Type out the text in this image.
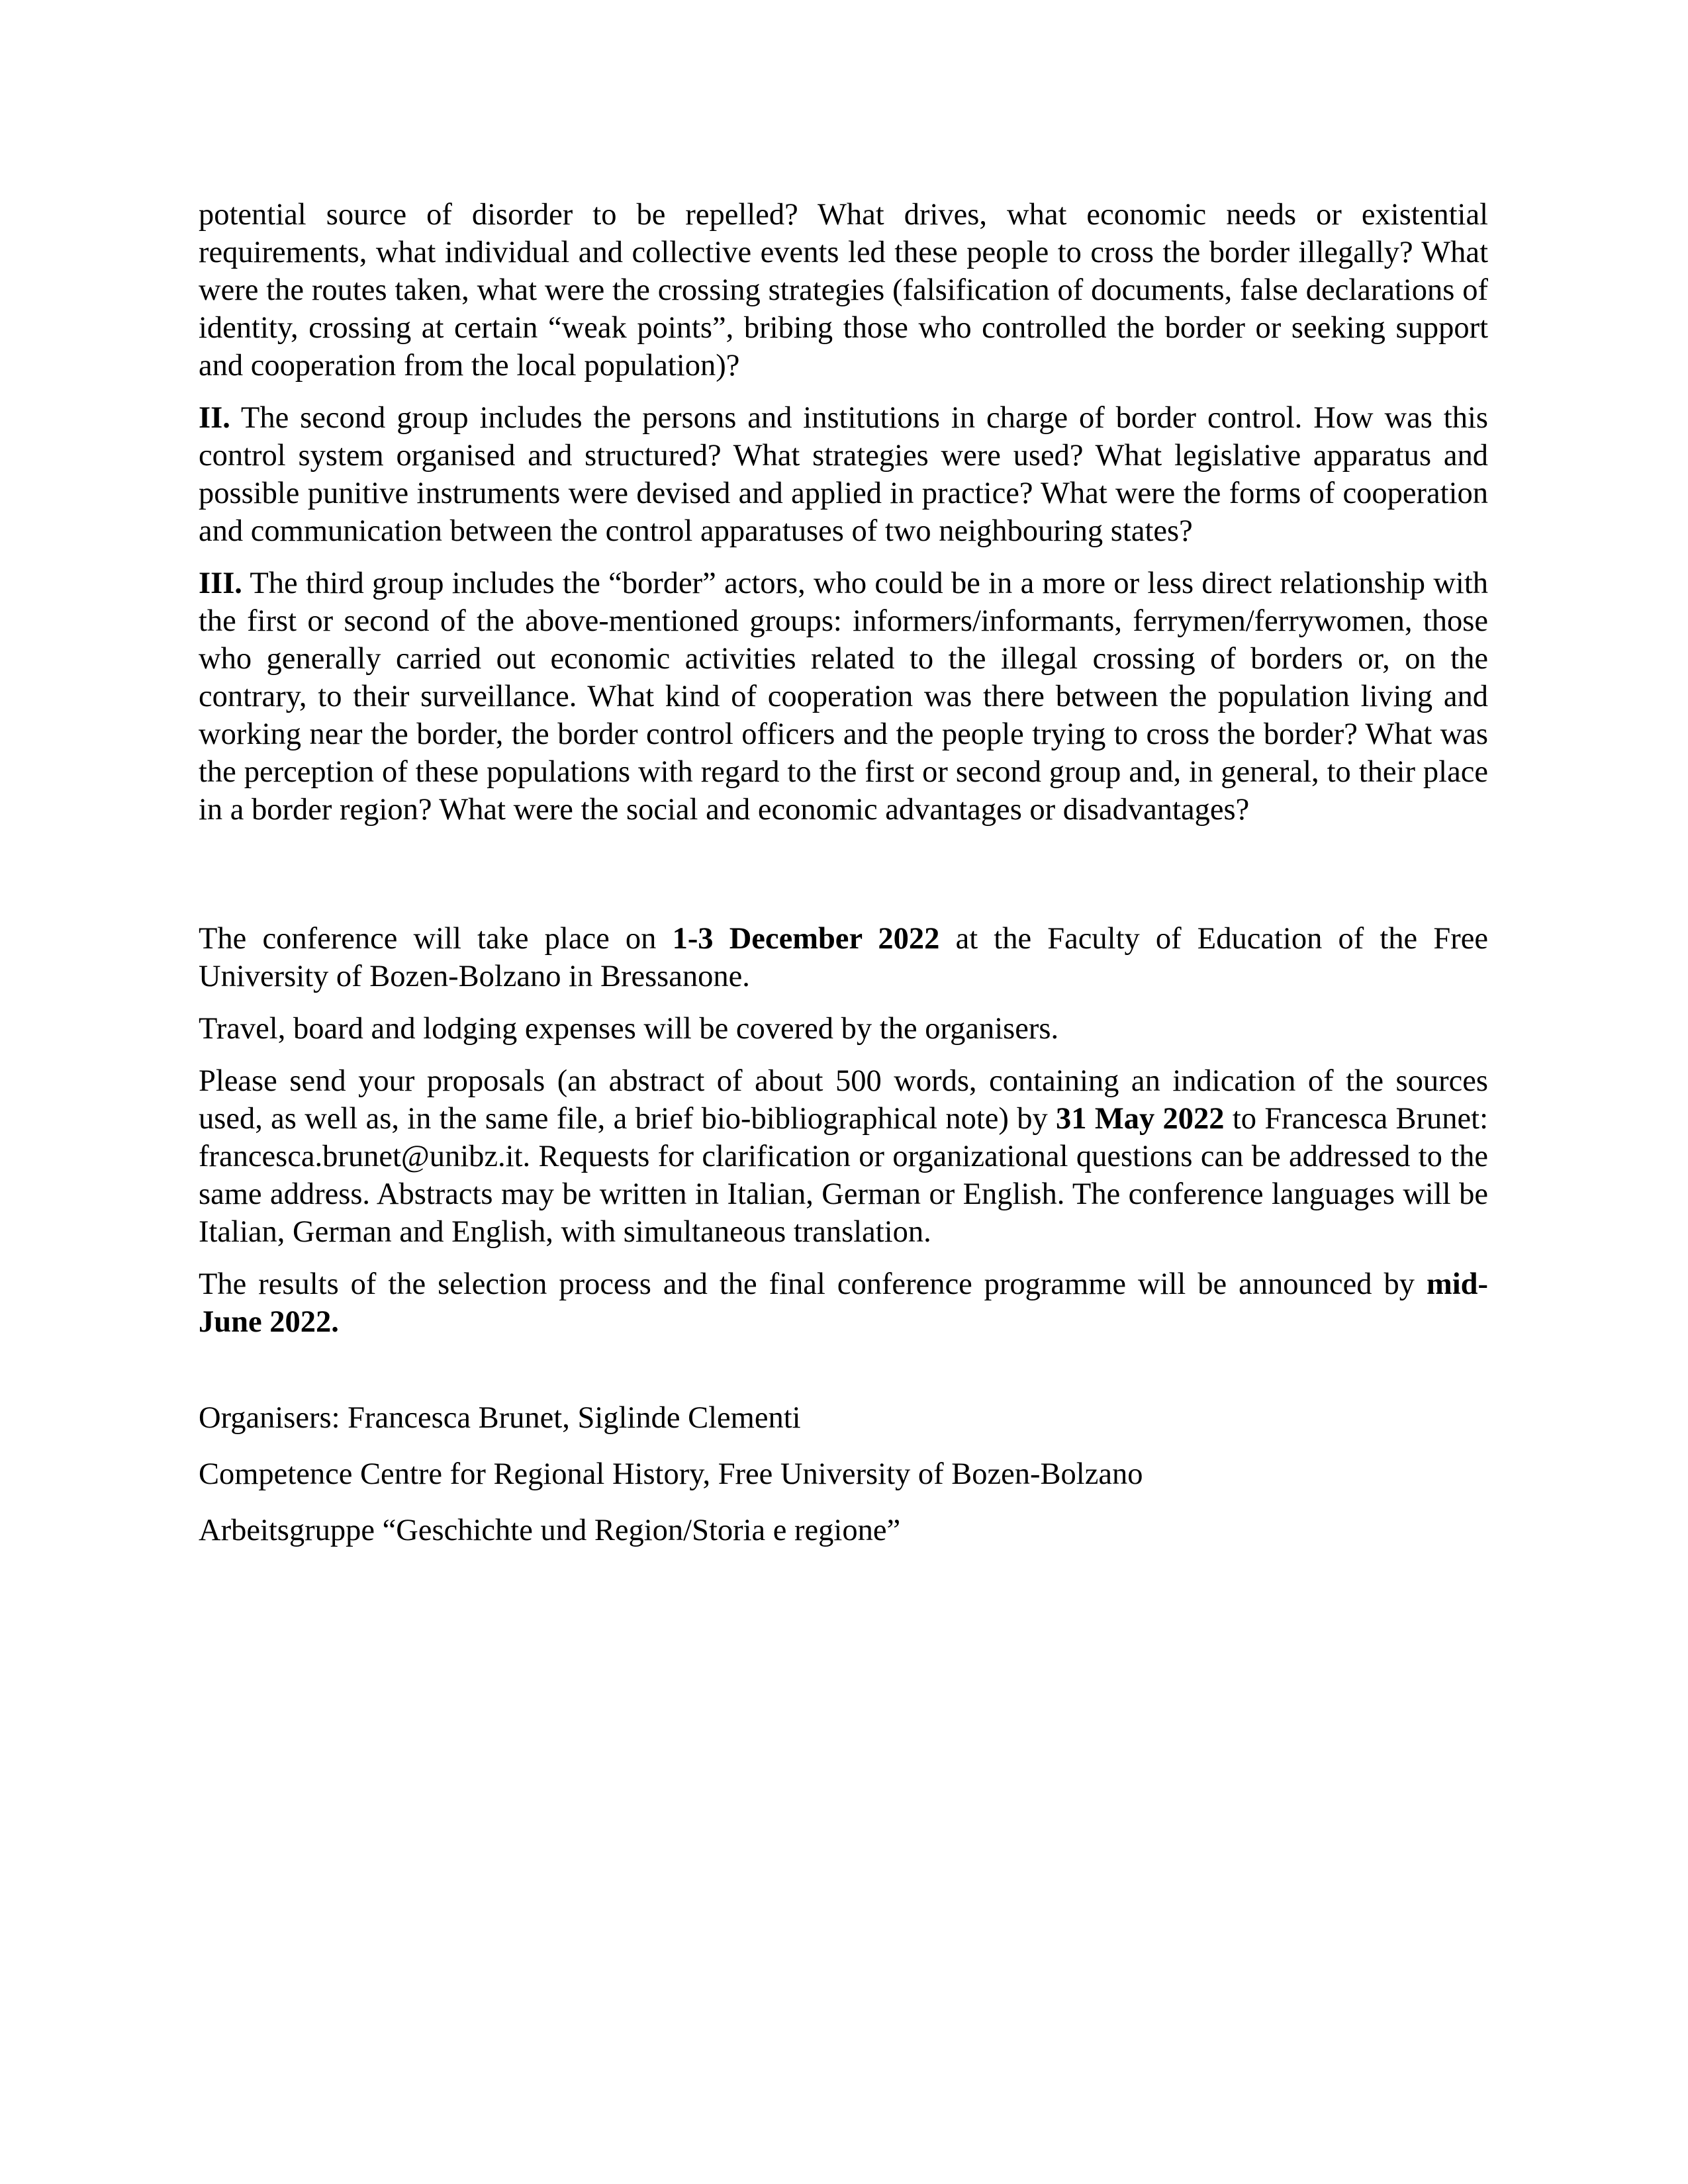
potential source of disorder to be repelled? What drives, what economic needs or existential requirements, what individual and collective events led these people to cross the border illegally? What were the routes taken, what were the crossing strategies (falsification of documents, false declarations of identity, crossing at certain “weak points”, bribing those who controlled the border or seeking support and cooperation from the local population)?

II. The second group includes the persons and institutions in charge of border control. How was this control system organised and structured? What strategies were used? What legislative apparatus and possible punitive instruments were devised and applied in practice? What were the forms of cooperation and communication between the control apparatuses of two neighbouring states?

III. The third group includes the “border” actors, who could be in a more or less direct relationship with the first or second of the above-mentioned groups: informers/informants, ferrymen/ferrywomen, those who generally carried out economic activities related to the illegal crossing of borders or, on the contrary, to their surveillance. What kind of cooperation was there between the population living and working near the border, the border control officers and the people trying to cross the border? What was the perception of these populations with regard to the first or second group and, in general, to their place in a border region? What were the social and economic advantages or disadvantages?

The conference will take place on 1-3 December 2022 at the Faculty of Education of the Free University of Bozen-Bolzano in Bressanone.

Travel, board and lodging expenses will be covered by the organisers.

Please send your proposals (an abstract of about 500 words, containing an indication of the sources used, as well as, in the same file, a brief bio-bibliographical note) by 31 May 2022 to Francesca Brunet: francesca.brunet@unibz.it. Requests for clarification or organizational questions can be addressed to the same address. Abstracts may be written in Italian, German or English. The conference languages will be Italian, German and English, with simultaneous translation.

The results of the selection process and the final conference programme will be announced by mid-June 2022.

Organisers: Francesca Brunet, Siglinde Clementi

Competence Centre for Regional History, Free University of Bozen-Bolzano

Arbeitsgruppe “Geschichte und Region/Storia e regione”
